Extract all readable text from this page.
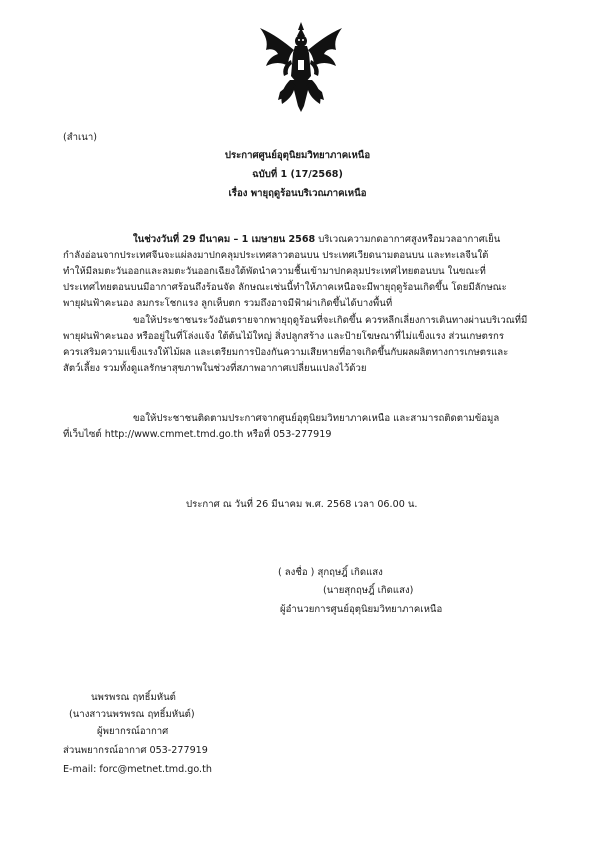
(สำเนา)
ประกาศศูนย์อุตุนิยมวิทยาภาคเหนือ
ฉบับที่ 1 (17/2568)
เรื่อง พายุฤดูร้อนบริเวณภาคเหนือ

ในช่วงวันที่ 29 มีนาคม – 1 เมษายน 2568 บริเวณความกดอากาศสูงหรือมวลอากาศเย็น

กำลังอ่อนจากประเทศจีนจะแผ่ลงมาปกคลุมประเทศลาวตอนบน ประเทศเวียดนามตอนบน และทะเลจีนใต้

ทำให้มีลมตะวันออกและลมตะวันออกเฉียงใต้พัดนำความชื้นเข้ามาปกคลุมประเทศไทยตอนบน ในขณะที่

ประเทศไทยตอนบนมีอากาศร้อนถึงร้อนจัด ลักษณะเช่นนี้ทำให้ภาคเหนือจะมีพายุฤดูร้อนเกิดขึ้น โดยมีลักษณะ

พายุฝนฟ้าคะนอง ลมกระโชกแรง ลูกเห็บตก รวมถึงอาจมีฟ้าผ่าเกิดขึ้นได้บางพื้นที่

ขอให้ประชาชนระวังอันตรายจากพายุฤดูร้อนที่จะเกิดขึ้น ควรหลีกเลี่ยงการเดินทางผ่านบริเวณที่มี

พายุฝนฟ้าคะนอง หรืออยู่ในที่โล่งแจ้ง ใต้ต้นไม้ใหญ่ สิ่งปลูกสร้าง และป้ายโฆษณาที่ไม่แข็งแรง ส่วนเกษตรกร

ควรเสริมความแข็งแรงให้ไม้ผล และเตรียมการป้องกันความเสียหายที่อาจเกิดขึ้นกับผลผลิตทางการเกษตรและ

สัตว์เลี้ยง รวมทั้งดูแลรักษาสุขภาพในช่วงที่สภาพอากาศเปลี่ยนแปลงไว้ด้วย

ขอให้ประชาชนติดตามประกาศจากศูนย์อุตุนิยมวิทยาภาคเหนือ และสามารถติดตามข้อมูล

ที่เว็บไซต์ http://www.cmmet.tmd.go.th หรือที่ 053-277919

ประกาศ ณ วันที่ 26 มีนาคม พ.ศ. 2568 เวลา 06.00 น.
( ลงชื่อ ) สุกฤษฎิ์ เกิดแสง
(นายสุกฤษฎิ์ เกิดแสง)
ผู้อำนวยการศูนย์อุตุนิยมวิทยาภาคเหนือ
นพรพรณ ฤทธิ์มหันต์
(นางสาวนพรพรณ ฤทธิ์มหันต์)
ผู้พยากรณ์อากาศ
ส่วนพยากรณ์อากาศ 053-277919
E-mail: forc@metnet.tmd.go.th
